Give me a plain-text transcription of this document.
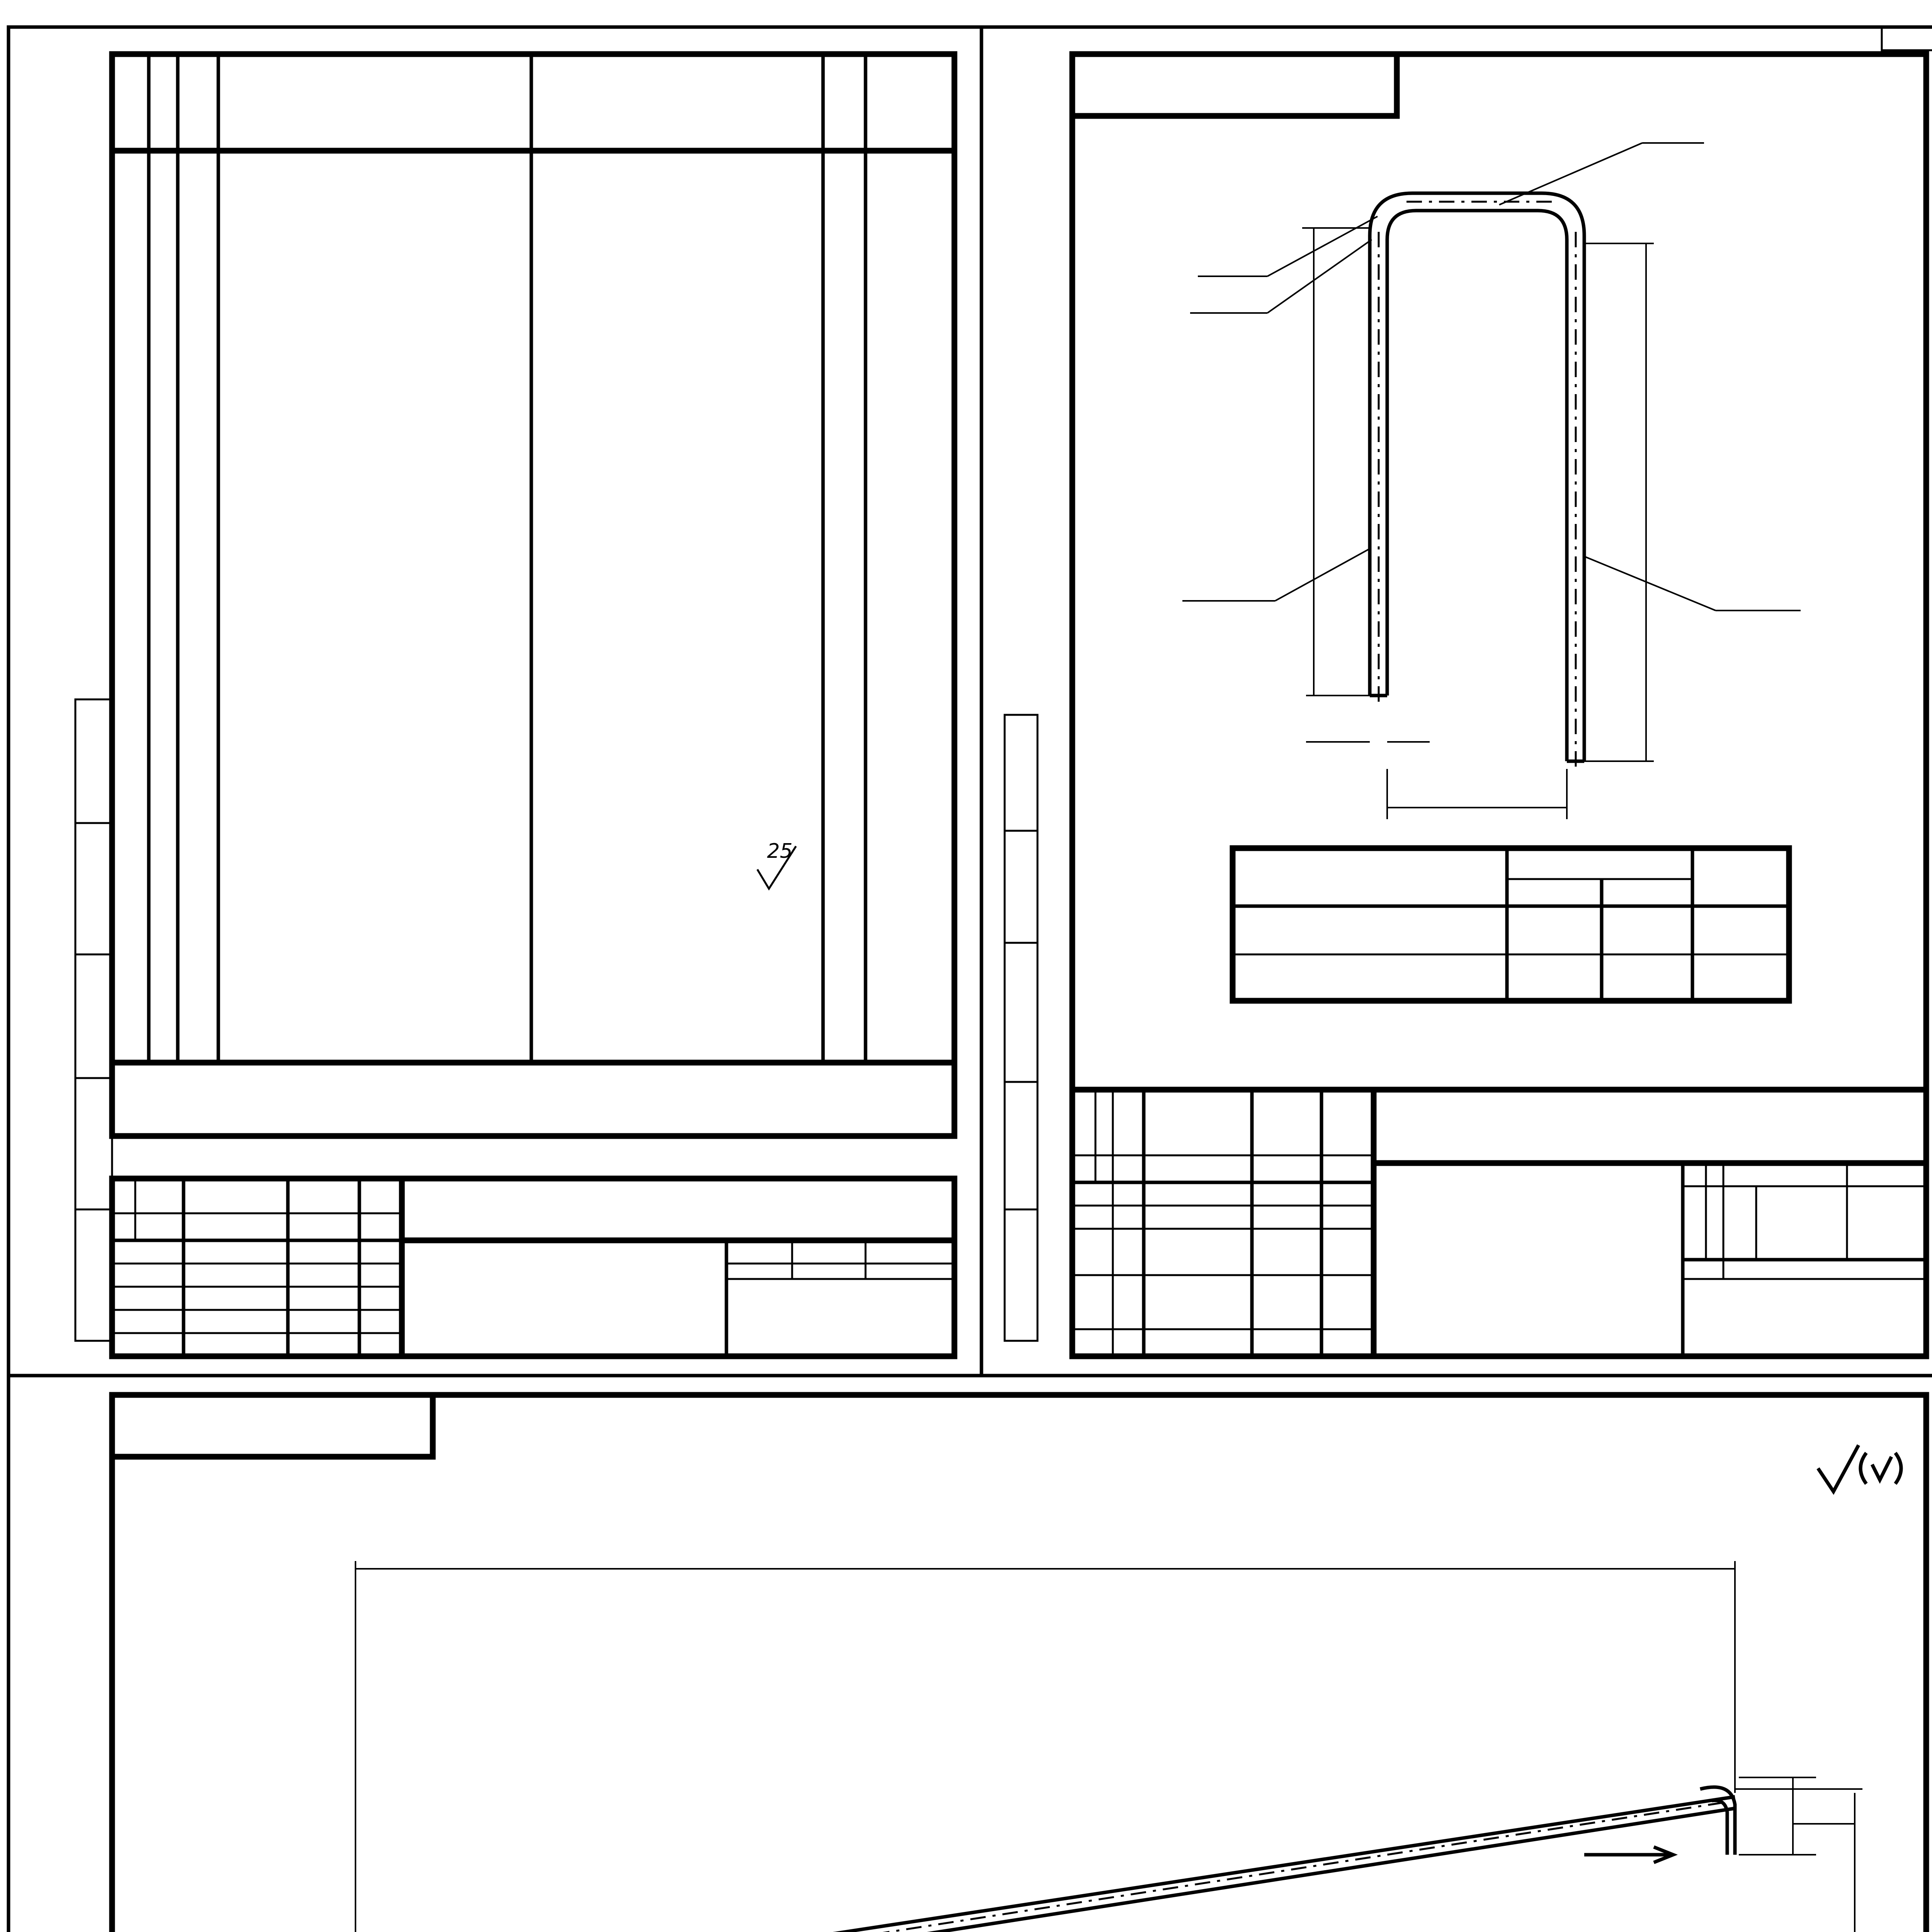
25
